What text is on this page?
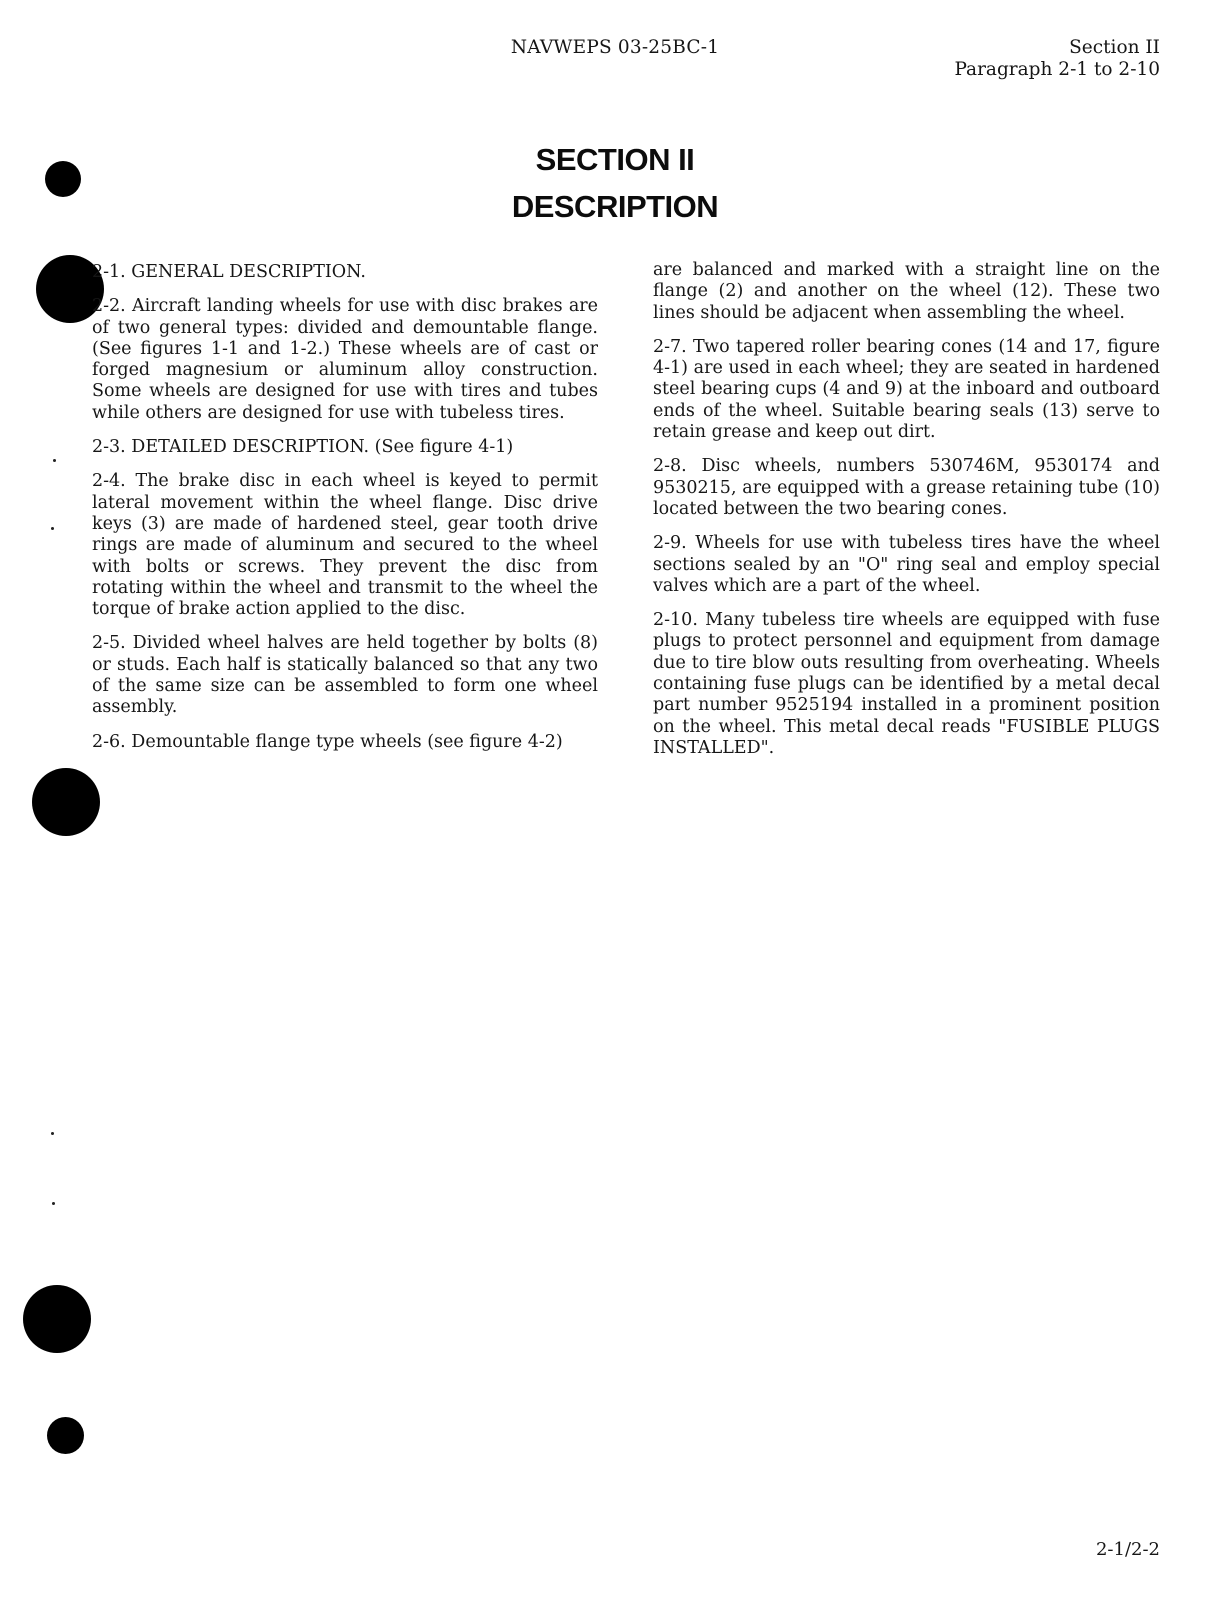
NAVWEPS 03-25BC-1	Section II
Paragraph 2-1 to 2-10
SECTION II
DESCRIPTION

2-1. GENERAL DESCRIPTION.

2-2. Aircraft landing wheels for use with disc brakes are of two general types: divided and demountable flange. (See figures 1-1 and 1-2.) These wheels are of cast or forged magnesium or aluminum alloy construction. Some wheels are designed for use with tires and tubes while others are designed for use with tubeless tires.

2-3. DETAILED DESCRIPTION. (See figure 4-1)

2-4. The brake disc in each wheel is keyed to permit lateral movement within the wheel flange. Disc drive keys (3) are made of hardened steel, gear tooth drive rings are made of aluminum and secured to the wheel with bolts or screws. They prevent the disc from rotating within the wheel and transmit to the wheel the torque of brake action applied to the disc.

2-5. Divided wheel halves are held together by bolts (8) or studs. Each half is statically balanced so that any two of the same size can be assembled to form one wheel assembly.

2-6. Demountable flange type wheels (see figure 4-2)

are balanced and marked with a straight line on the flange (2) and another on the wheel (12). These two lines should be adjacent when assembling the wheel.

2-7. Two tapered roller bearing cones (14 and 17, figure 4-1) are used in each wheel; they are seated in hardened steel bearing cups (4 and 9) at the inboard and outboard ends of the wheel. Suitable bearing seals (13) serve to retain grease and keep out dirt.

2-8. Disc wheels, numbers 530746M, 9530174 and 9530215, are equipped with a grease retaining tube (10) located between the two bearing cones.

2-9. Wheels for use with tubeless tires have the wheel sections sealed by an "O" ring seal and employ special valves which are a part of the wheel.

2-10. Many tubeless tire wheels are equipped with fuse plugs to protect personnel and equipment from damage due to tire blow outs resulting from overheating. Wheels containing fuse plugs can be identified by a metal decal part number 9525194 installed in a prominent position on the wheel. This metal decal reads "FUSIBLE PLUGS INSTALLED".

2-1/2-2
